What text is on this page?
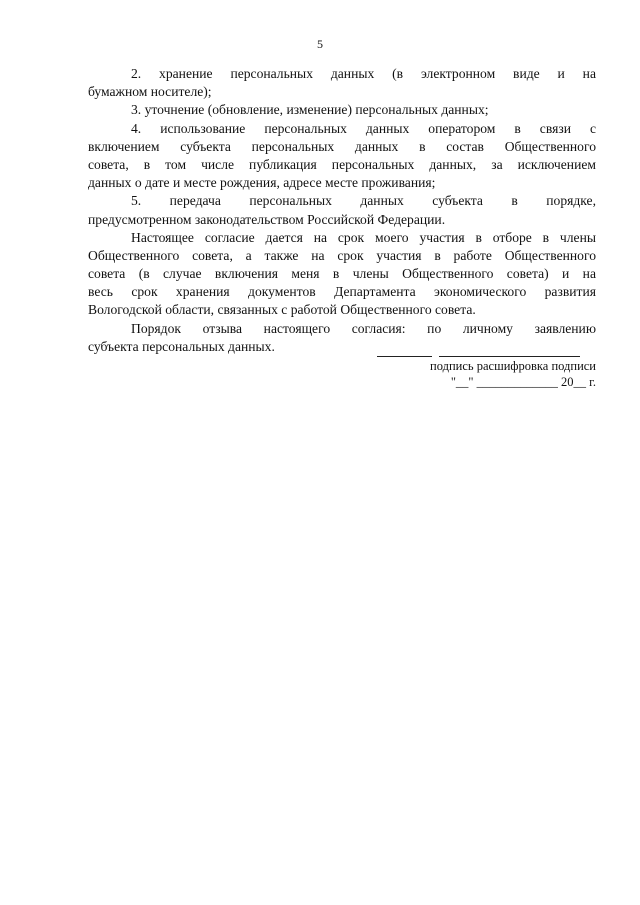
5
2. хранение персональных данных (в электронном виде и на
бумажном носителе);
3. уточнение (обновление, изменение) персональных данных;
4. использование персональных данных оператором в связи с
включением субъекта персональных данных в состав Общественного
совета, в том числе публикация персональных данных, за исключением
данных о дате и месте рождения, адресе месте проживания;
5. передача персональных данных субъекта в порядке,
предусмотренном законодательством Российской Федерации.
Настоящее согласие дается на срок моего участия в отборе в члены
Общественного совета, а также на срок участия в работе Общественного
совета (в случае включения меня в члены Общественного совета) и на
весь срок хранения документов Департамента экономического развития
Вологодской области, связанных с работой Общественного совета.
Порядок отзыва настоящего согласия: по личному заявлению
субъекта персональных данных.
подпись расшифровка подписи
"__" _____________ 20__ г.
